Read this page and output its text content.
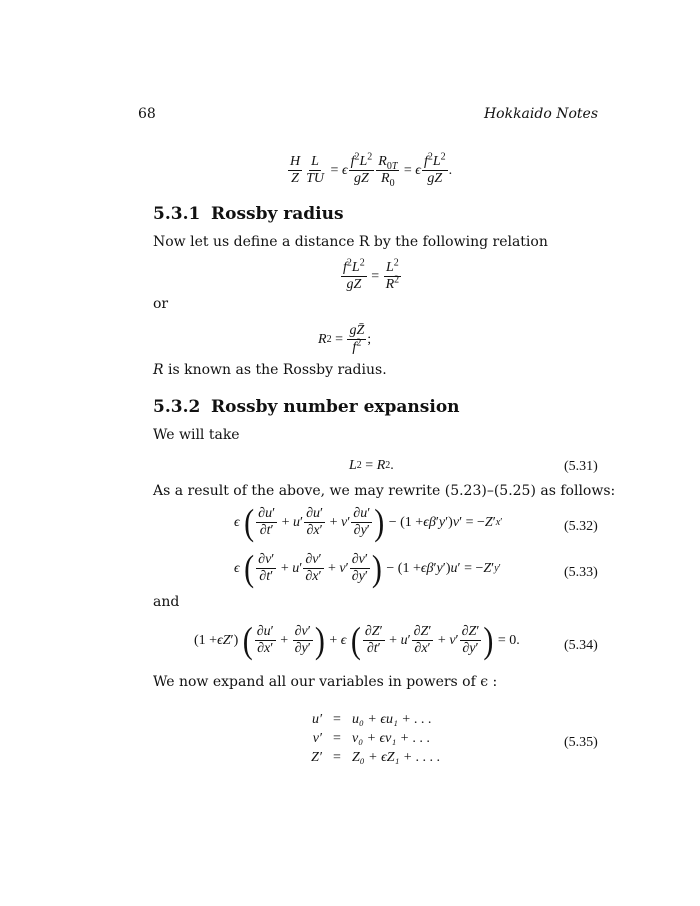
68	Hokkaido Notes
$\frac{H}{Z} \frac{L}{TU} = \epsilon \frac{f^2L^2}{gZ} \frac{R_{0T}}{R_0} = \epsilon \frac{f^2L^2}{gZ}$ .
5.3.1 Rossby radius
Now let us define a distance R by the following relation
$\frac{f^2L^2}{gZ} = \frac{L^2}{R^2}$
or
R $2 = \frac{gZ̄}{f^2}$ ;
R is known as the Rossby radius.
5.3.2 Rossby number expansion
We will take
L 2 = R 2 .	(5.31)
As a result of the above, we may rewrite (5.23)–(5.25) as follows:
ϵ
( $\frac{\partial u'}{\partial t'} + u$ ′ $\frac{\partial u'}{\partial x'} + v$ ′ $\frac{\partial u'}{\partial y'}$ ) − (1 + ϵβ ′ y ′) v ′ = − Z ′ x′	(5.32)
ϵ
( $\frac{\partial v'}{\partial t'} + u$ ′ $\frac{\partial v'}{\partial x'} + v$ ′ $\frac{\partial v'}{\partial y'}$ ) − (1 + ϵβ ′ y ′) u ′ = − Z ′ y′	(5.33)
and
(1 + ϵZ ′) ( $\frac{\partial u'}{\partial x'} + \frac{\partial v'}{\partial y'}$ ) + ϵ
( $\frac{\partial Z'}{\partial t'} + u$ ′ $\frac{\partial Z'}{\partial x'} + v$ ′ $\frac{\partial Z'}{\partial y'}$ ) = 0.	(5.34)
We now expand all our variables in powers of ϵ :
u′ = u₀ + ϵu₁ + . . .
v′ = v₀ + ϵv₁ + . . .
Z′ = Z₀ + ϵZ₁ + . . . .
(5.35)
